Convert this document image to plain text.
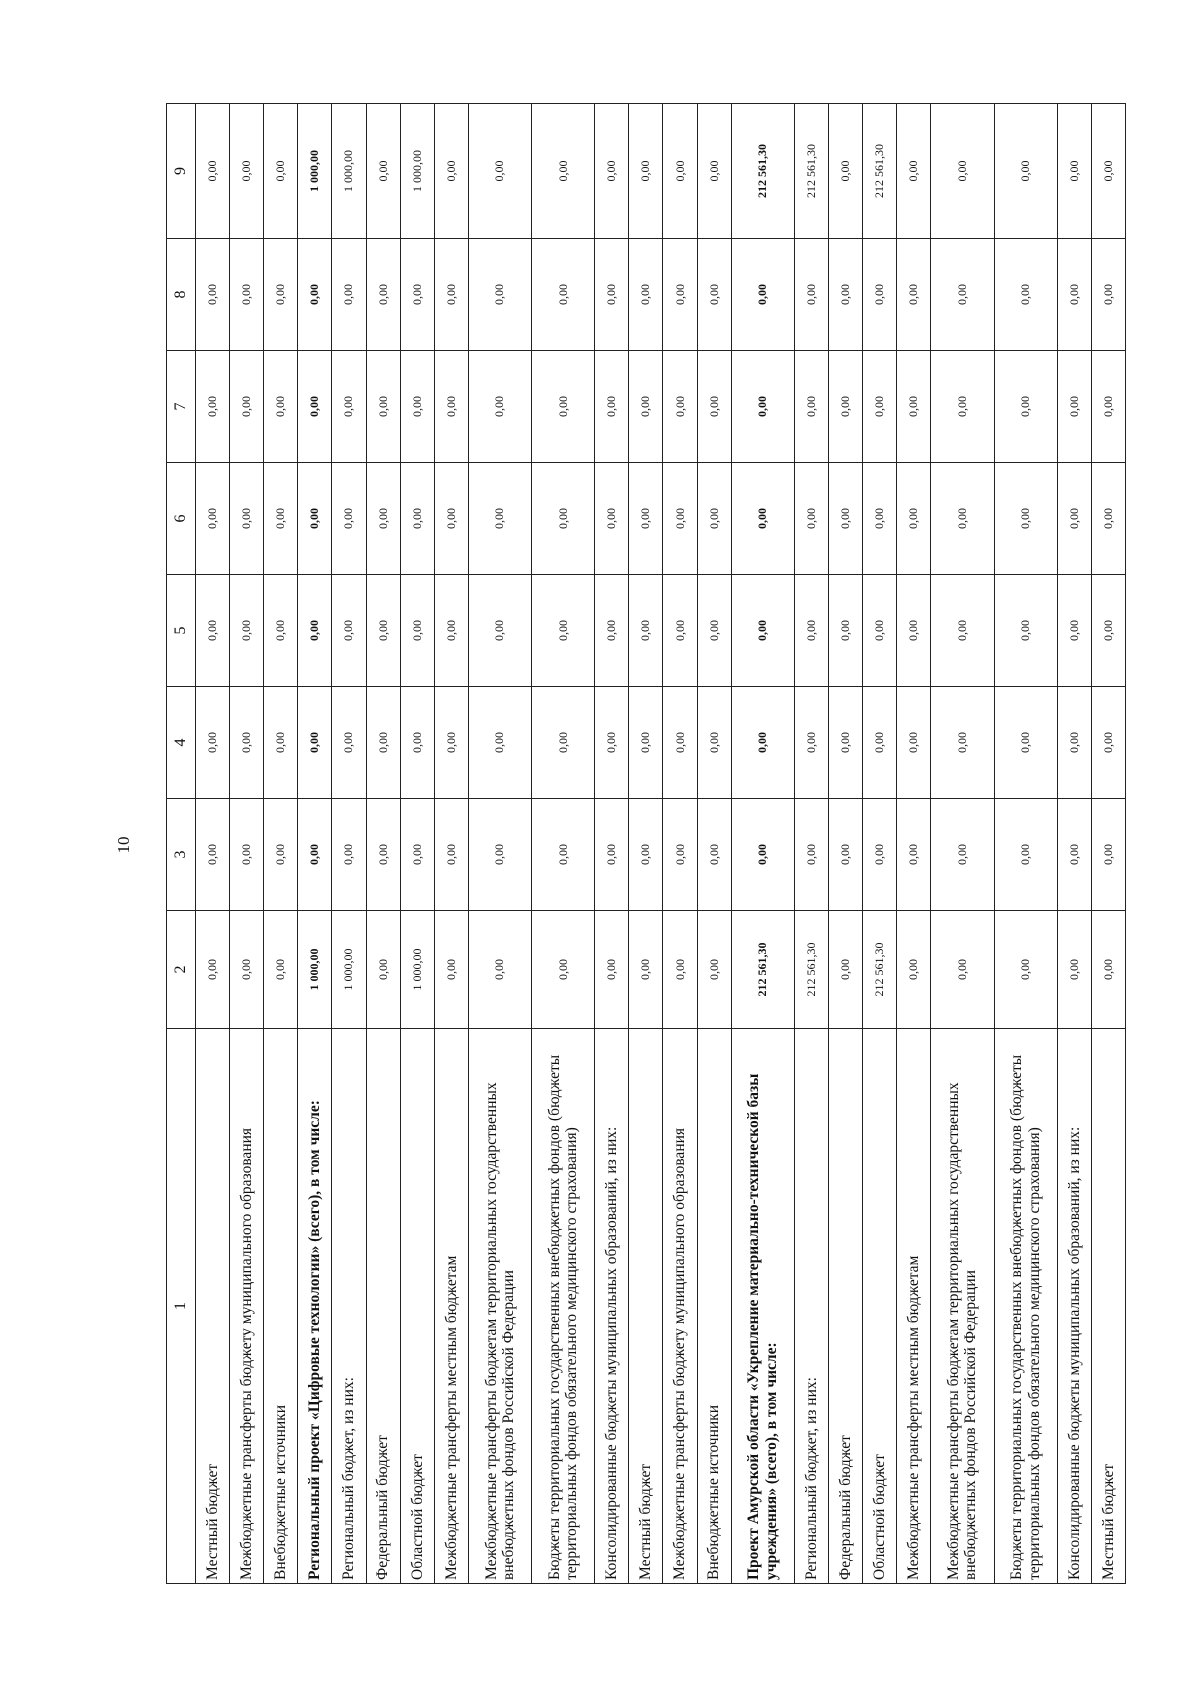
10
1	2	3	4	5	6	7	8	9
Местный бюджет	0,00	0,00	0,00	0,00	0,00	0,00	0,00	0,00
Межбюджетные трансферты бюджету муниципального образования	0,00	0,00	0,00	0,00	0,00	0,00	0,00	0,00
Внебюджетные источники	0,00	0,00	0,00	0,00	0,00	0,00	0,00	0,00
Региональный проект «Цифровые технологии» (всего), в том числе:	1 000,00	0,00	0,00	0,00	0,00	0,00	0,00	1 000,00
Региональный бюджет, из них:	1 000,00	0,00	0,00	0,00	0,00	0,00	0,00	1 000,00
Федеральный бюджет	0,00	0,00	0,00	0,00	0,00	0,00	0,00	0,00
Областной бюджет	1 000,00	0,00	0,00	0,00	0,00	0,00	0,00	1 000,00
Межбюджетные трансферты местным бюджетам	0,00	0,00	0,00	0,00	0,00	0,00	0,00	0,00
Межбюджетные трансферты бюджетам территориальных государственных внебюджетных фондов Российской Федерации	0,00	0,00	0,00	0,00	0,00	0,00	0,00	0,00
Бюджеты территориальных государственных внебюджетных фондов (бюджеты территориальных фондов обязательного медицинского страхования)	0,00	0,00	0,00	0,00	0,00	0,00	0,00	0,00
Консолидированные бюджеты муниципальных образований, из них:	0,00	0,00	0,00	0,00	0,00	0,00	0,00	0,00
Местный бюджет	0,00	0,00	0,00	0,00	0,00	0,00	0,00	0,00
Межбюджетные трансферты бюджету муниципального образования	0,00	0,00	0,00	0,00	0,00	0,00	0,00	0,00
Внебюджетные источники	0,00	0,00	0,00	0,00	0,00	0,00	0,00	0,00
Проект Амурской области «Укрепление материально-технической базы учреждения» (всего), в том числе:	212 561,30	0,00	0,00	0,00	0,00	0,00	0,00	212 561,30
Региональный бюджет, из них:	212 561,30	0,00	0,00	0,00	0,00	0,00	0,00	212 561,30
Федеральный бюджет	0,00	0,00	0,00	0,00	0,00	0,00	0,00	0,00
Областной бюджет	212 561,30	0,00	0,00	0,00	0,00	0,00	0,00	212 561,30
Межбюджетные трансферты местным бюджетам	0,00	0,00	0,00	0,00	0,00	0,00	0,00	0,00
Межбюджетные трансферты бюджетам территориальных государственных внебюджетных фондов Российской Федерации	0,00	0,00	0,00	0,00	0,00	0,00	0,00	0,00
Бюджеты территориальных государственных внебюджетных фондов (бюджеты территориальных фондов обязательного медицинского страхования)	0,00	0,00	0,00	0,00	0,00	0,00	0,00	0,00
Консолидированные бюджеты муниципальных образований, из них:	0,00	0,00	0,00	0,00	0,00	0,00	0,00	0,00
Местный бюджет	0,00	0,00	0,00	0,00	0,00	0,00	0,00	0,00
